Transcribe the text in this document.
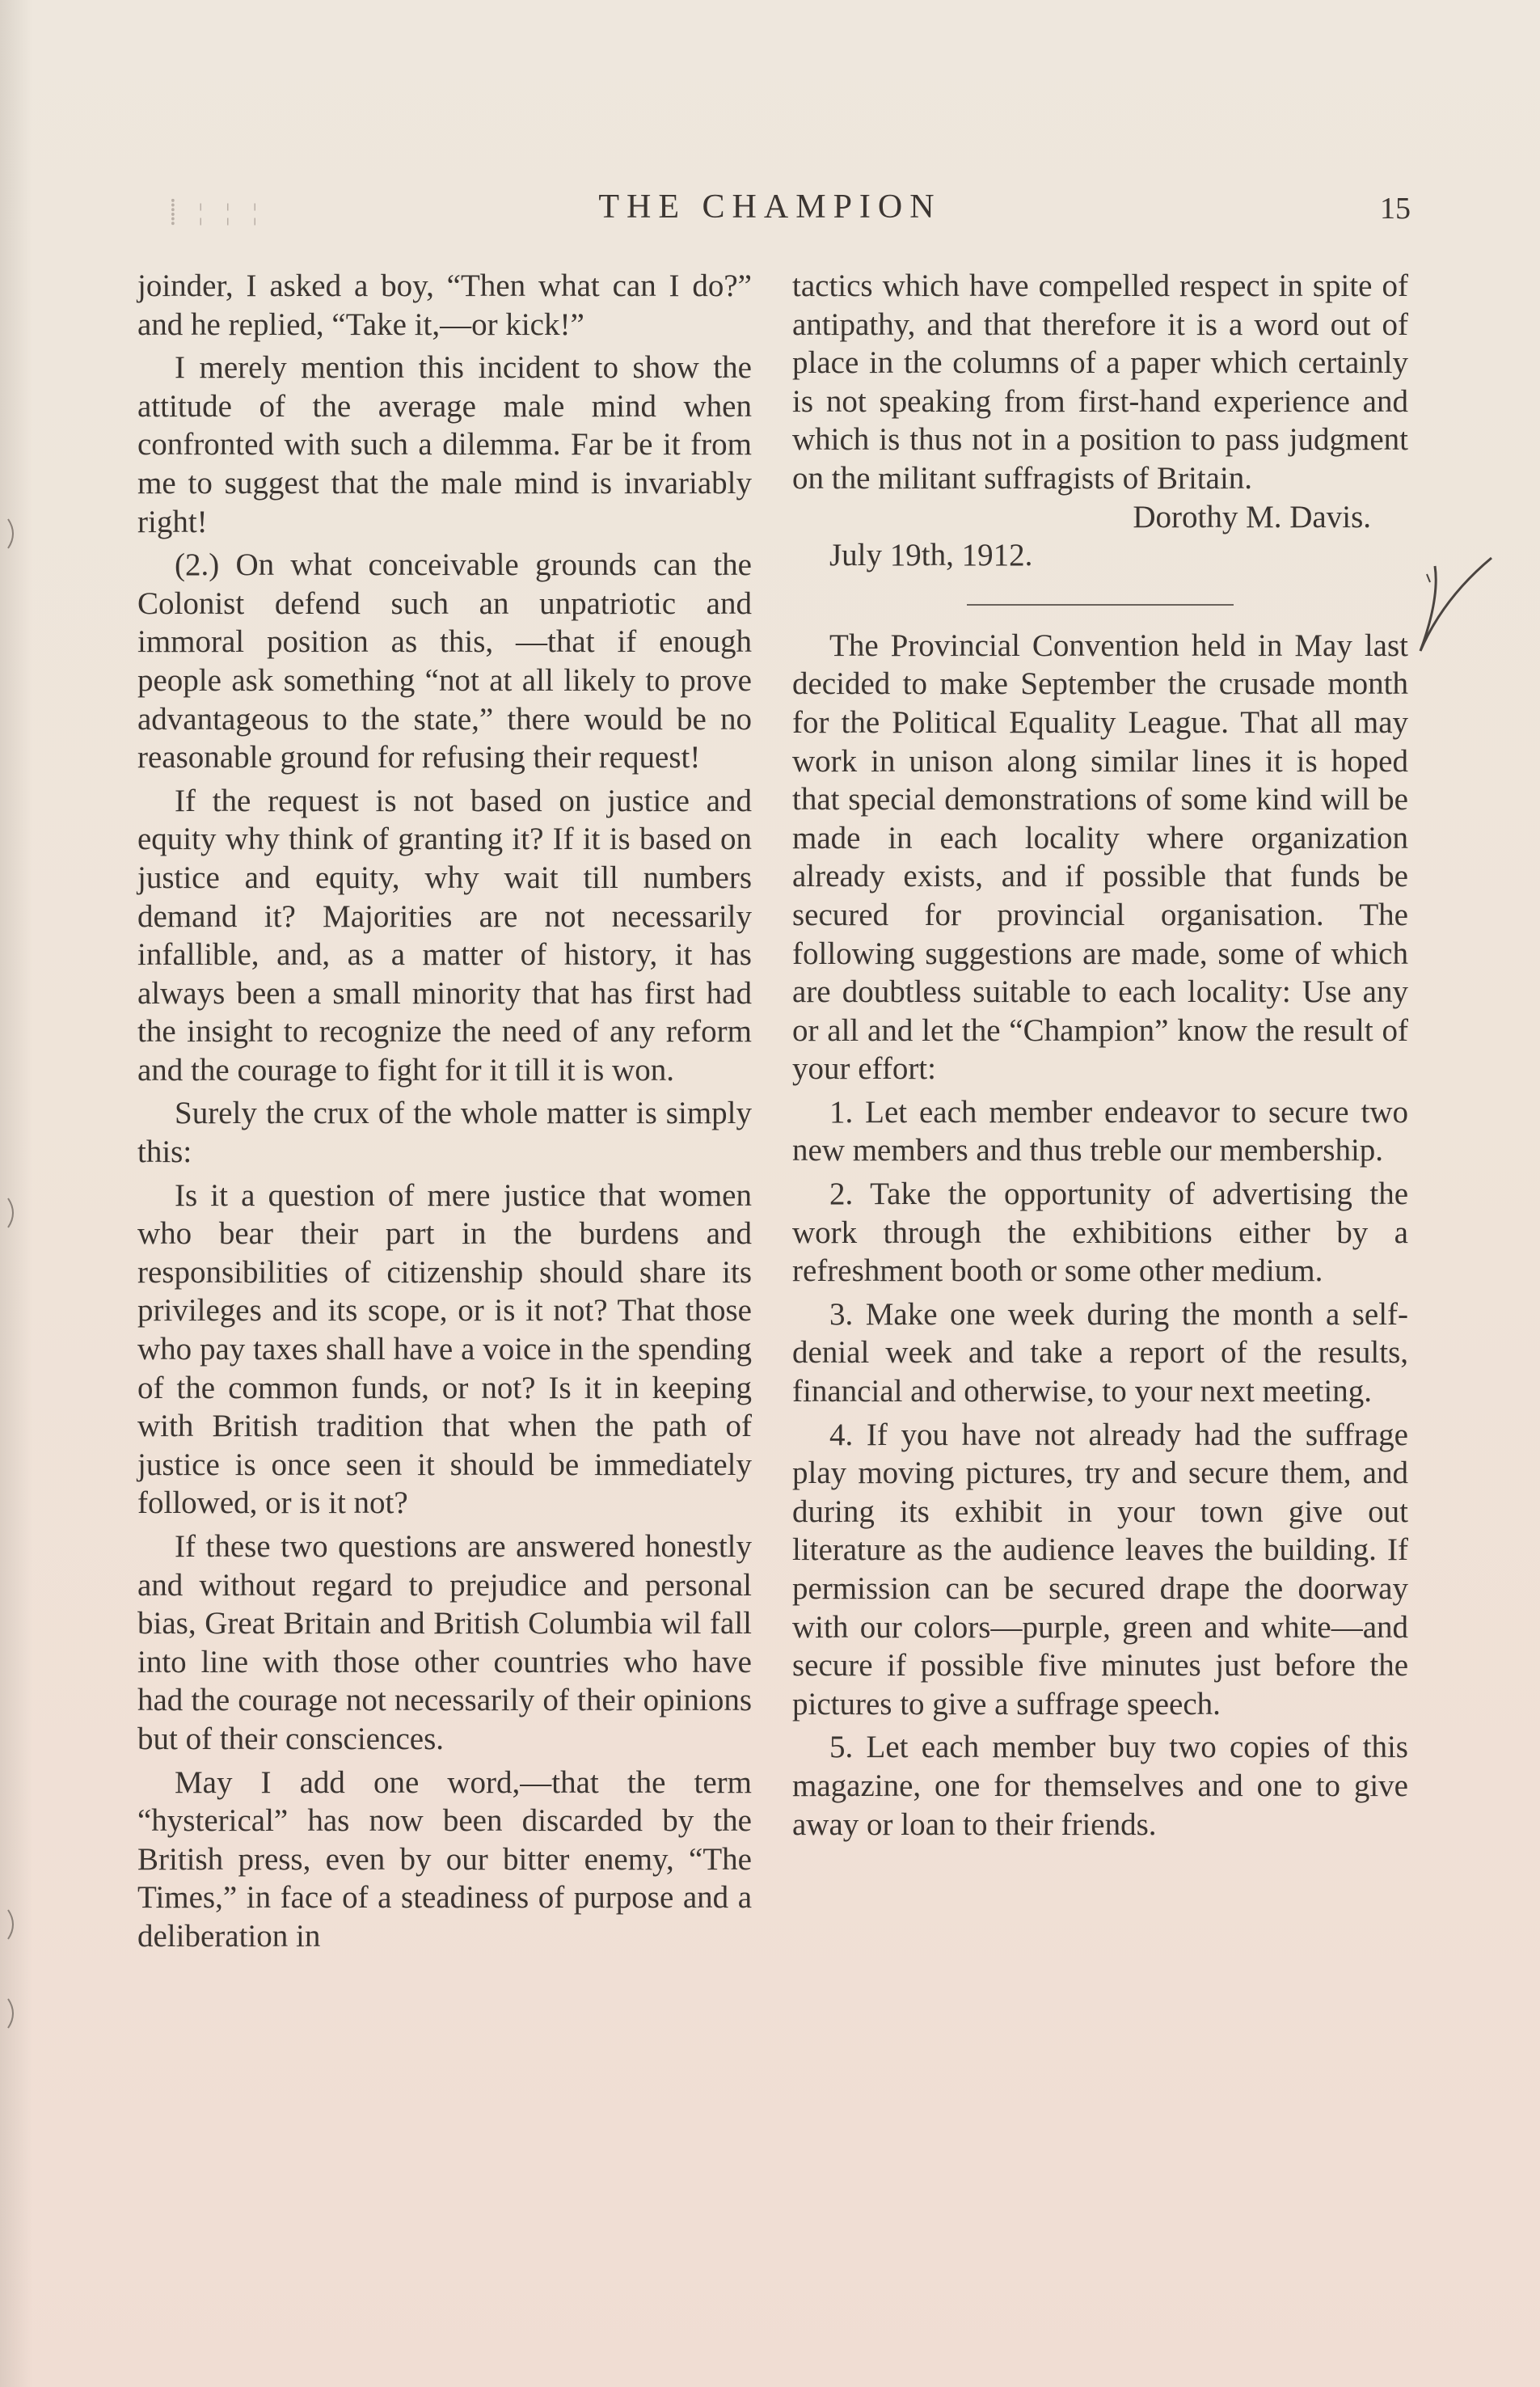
⸽ ¦ ¦ ¦	THE CHAMPION	15

joinder, I asked a boy, “Then what can I do?” and he replied, “Take it,—or kick!”

I merely mention this incident to show the attitude of the average male mind when confronted with such a dilemma. Far be it from me to suggest that the male mind is invariably right!

(2.) On what conceivable grounds can the Colonist defend such an unpatriotic and immoral position as this, —that if enough people ask something “not at all likely to prove advantageous to the state,” there would be no reasonable ground for refusing their request!

If the request is not based on justice and equity why think of granting it? If it is based on justice and equity, why wait till numbers demand it? Majorities are not necessarily infallible, and, as a matter of history, it has always been a small minority that has first had the insight to recognize the need of any reform and the courage to fight for it till it is won.

Surely the crux of the whole matter is simply this:

Is it a question of mere justice that women who bear their part in the burdens and responsibilities of citizenship should share its privileges and its scope, or is it not? That those who pay taxes shall have a voice in the spending of the common funds, or not? Is it in keeping with British tradition that when the path of justice is once seen it should be immediately followed, or is it not?

If these two questions are answered honestly and without regard to prejudice and personal bias, Great Britain and British Columbia wil fall into line with those other countries who have had the courage not necessarily of their opinions but of their consciences.

May I add one word,—that the term “hysterical” has now been discarded by the British press, even by our bitter enemy, “The Times,” in face of a steadiness of purpose and a deliberation in

tactics which have compelled respect in spite of antipathy, and that therefore it is a word out of place in the columns of a paper which certainly is not speaking from first-hand experience and which is thus not in a position to pass judgment on the militant suffragists of Britain.

Dorothy M. Davis.

July 19th, 1912.

The Provincial Convention held in May last decided to make September the crusade month for the Political Equality League. That all may work in unison along similar lines it is hoped that special demonstrations of some kind will be made in each locality where organization already exists, and if possible that funds be secured for provincial organisation. The following suggestions are made, some of which are doubtless suitable to each locality: Use any or all and let the “Champion” know the result of your effort:

1. Let each member endeavor to secure two new members and thus treble our membership.

2. Take the opportunity of advertising the work through the exhibitions either by a refreshment booth or some other medium.

3. Make one week during the month a self-denial week and take a report of the results, financial and otherwise, to your next meeting.

4. If you have not already had the suffrage play moving pictures, try and secure them, and during its exhibit in your town give out literature as the audience leaves the building. If permission can be secured drape the doorway with our colors—purple, green and white—and secure if possible five minutes just before the pictures to give a suffrage speech.

5. Let each member buy two copies of this magazine, one for themselves and one to give away or loan to their friends.
